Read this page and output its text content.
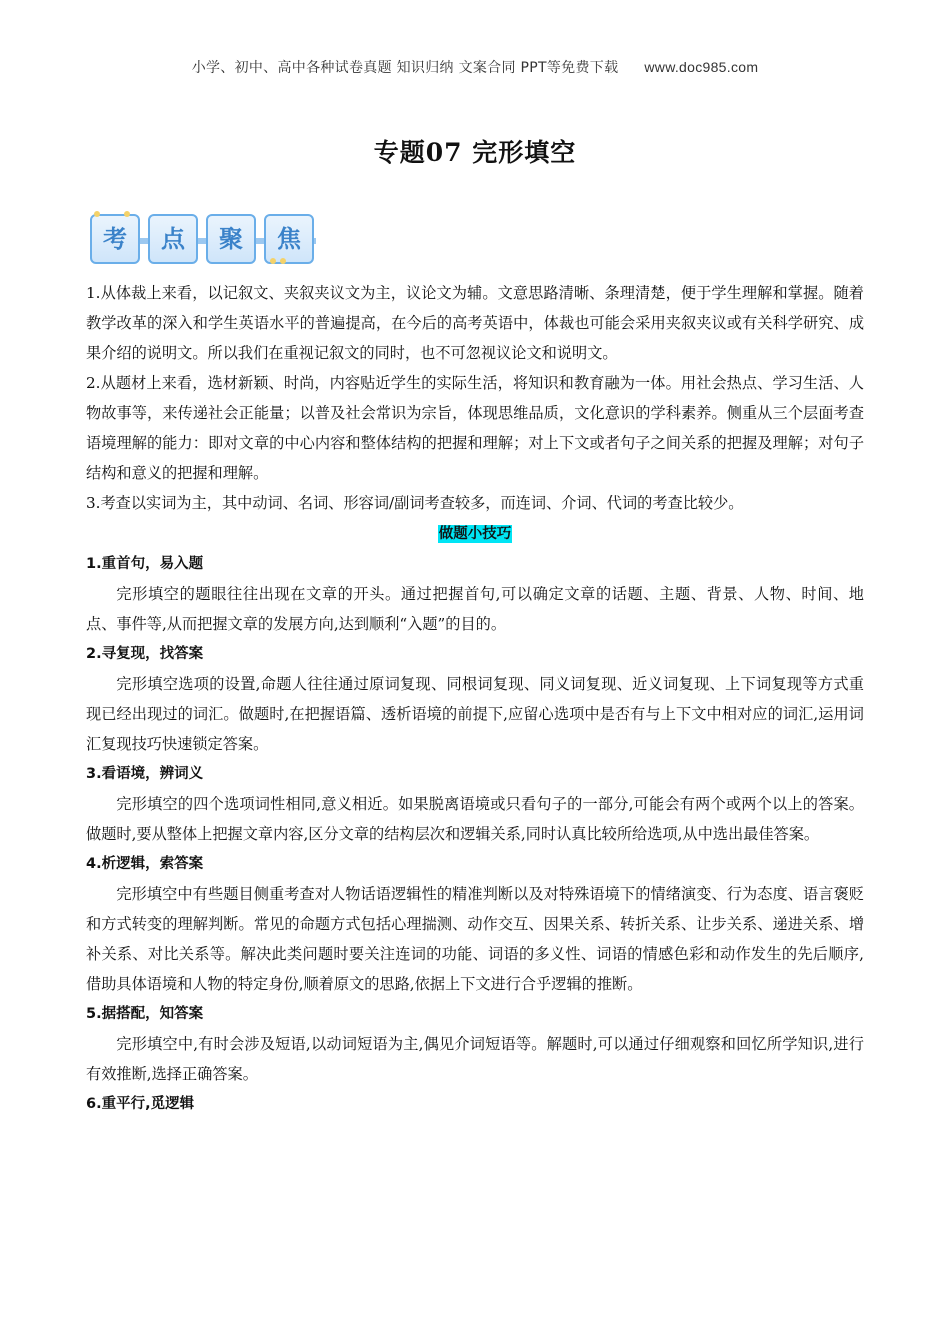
小学、初中、高中各种试卷真题 知识归纳 文案合同 PPT等免费下载 www.doc985.com
专题07 完形填空
考	点	聚	焦

1.从体裁上来看，以记叙文、夹叙夹议文为主，议论文为辅。文意思路清晰、条理清楚，便于学生理解和掌握。随着教学改革的深入和学生英语水平的普遍提高，在今后的高考英语中，体裁也可能会采用夹叙夹议或有关科学研究、成果介绍的说明文。所以我们在重视记叙文的同时，也不可忽视议论文和说明文。

2.从题材上来看，选材新颖、时尚，内容贴近学生的实际生活，将知识和教育融为一体。用社会热点、学习生活、人物故事等，来传递社会正能量；以普及社会常识为宗旨，体现思维品质，文化意识的学科素养。侧重从三个层面考查语境理解的能力：即对文章的中心内容和整体结构的把握和理解；对上下文或者句子之间关系的把握及理解；对句子结构和意义的把握和理解。

3.考查以实词为主，其中动词、名词、形容词/副词考查较多，而连词、介词、代词的考查比较少。

做题小技巧

1.重首句，易入题

完形填空的题眼往往出现在文章的开头。通过把握首句,可以确定文章的话题、主题、背景、人物、时间、地点、事件等,从而把握文章的发展方向,达到顺利“入题”的目的。

2.寻复现，找答案

完形填空选项的设置,命题人往往通过原词复现、同根词复现、同义词复现、近义词复现、上下词复现等方式重现已经出现过的词汇。做题时,在把握语篇、透析语境的前提下,应留心选项中是否有与上下文中相对应的词汇,运用词汇复现技巧快速锁定答案。

3.看语境，辨词义

完形填空的四个选项词性相同,意义相近。如果脱离语境或只看句子的一部分,可能会有两个或两个以上的答案。做题时,要从整体上把握文章内容,区分文章的结构层次和逻辑关系,同时认真比较所给选项,从中选出最佳答案。

4.析逻辑，索答案

完形填空中有些题目侧重考查对人物话语逻辑性的精准判断以及对特殊语境下的情绪演变、行为态度、语言褒贬和方式转变的理解判断。常见的命题方式包括心理揣测、动作交互、因果关系、转折关系、让步关系、递进关系、增补关系、对比关系等。解决此类问题时要关注连词的功能、词语的多义性、词语的情感色彩和动作发生的先后顺序,借助具体语境和人物的特定身份,顺着原文的思路,依据上下文进行合乎逻辑的推断。

5.据搭配，知答案

完形填空中,有时会涉及短语,以动词短语为主,偶见介词短语等。解题时,可以通过仔细观察和回忆所学知识,进行有效推断,选择正确答案。

6.重平行,觅逻辑
